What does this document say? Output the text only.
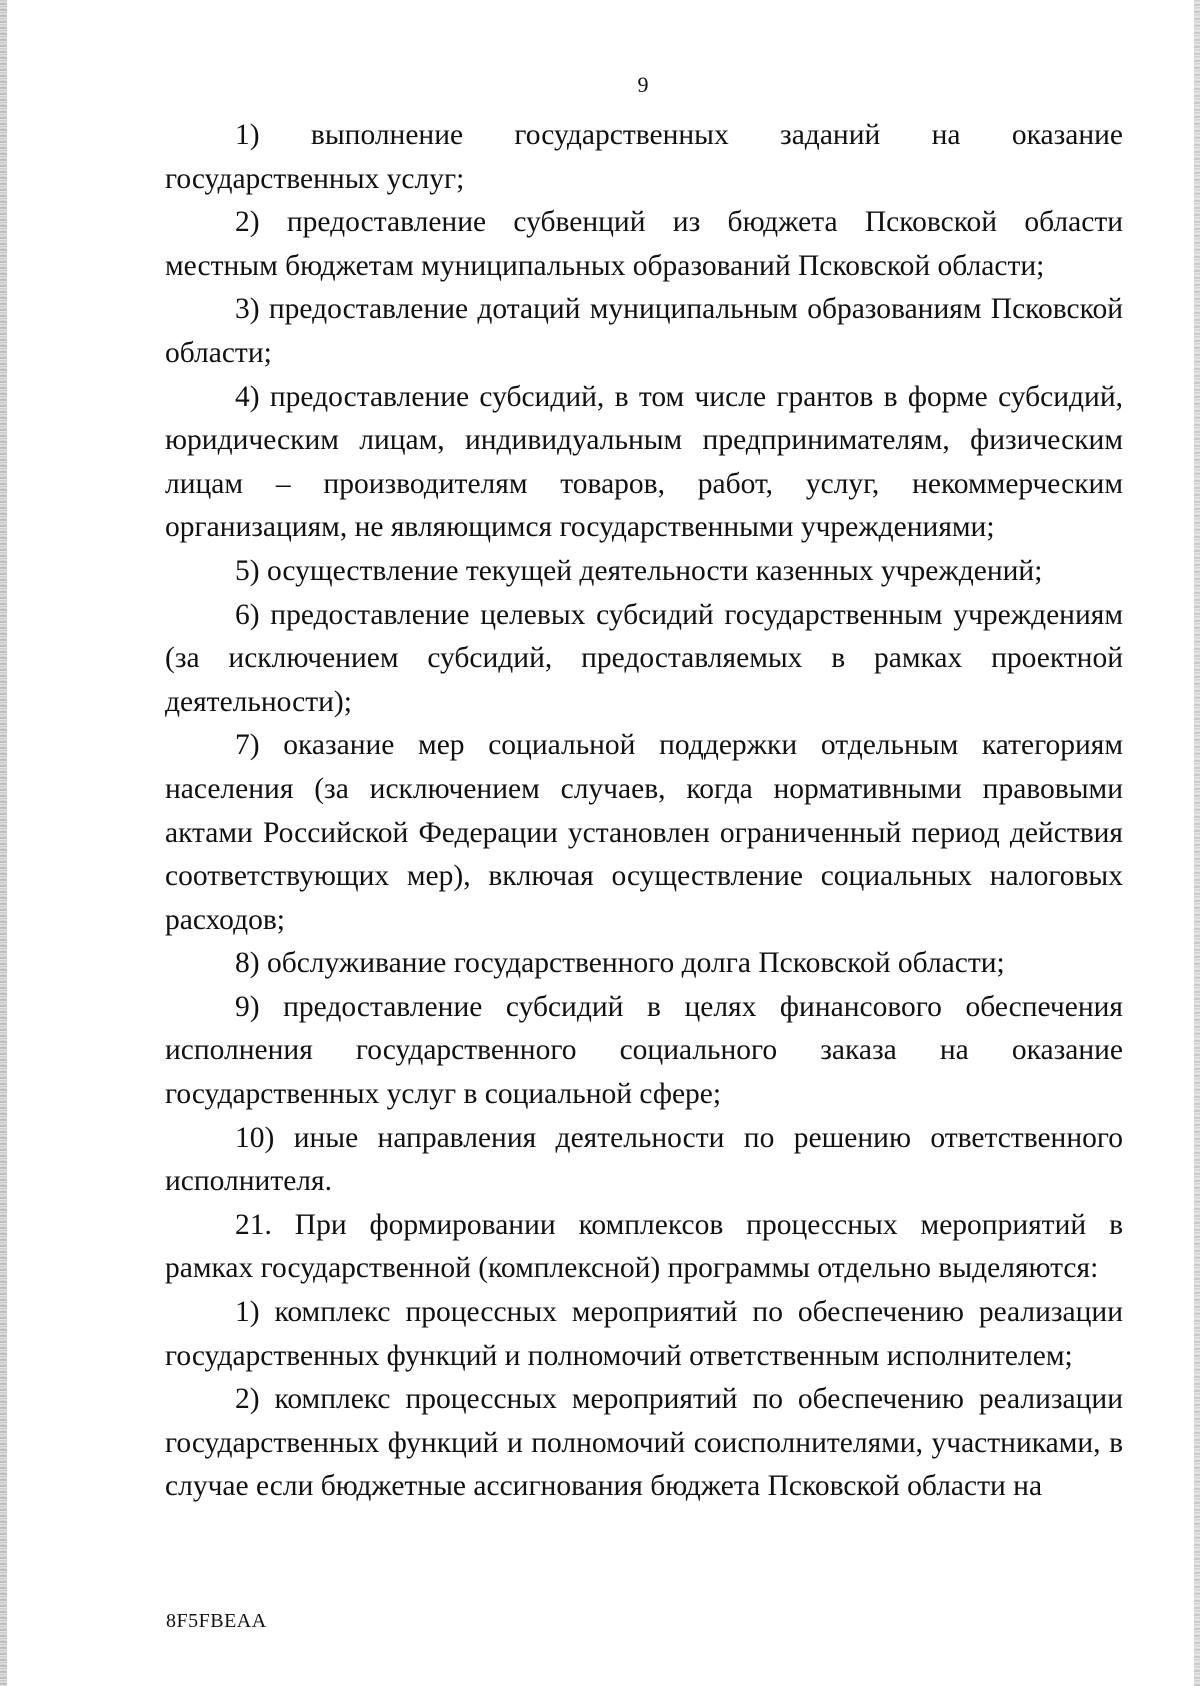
9

1) выполнение государственных заданий на оказание государственных услуг;

2) предоставление субвенций из бюджета Псковской области местным бюджетам муниципальных образований Псковской области;

3) предоставление дотаций муниципальным образованиям Псковской области;

4) предоставление субсидий, в том числе грантов в форме субсидий, юридическим лицам, индивидуальным предпринимателям, физическим лицам – производителям товаров, работ, услуг, некоммерческим организациям, не являющимся государственными учреждениями;

5) осуществление текущей деятельности казенных учреждений;

6) предоставление целевых субсидий государственным учреждениям (за исключением субсидий, предоставляемых в рамках проектной деятельности);

7) оказание мер социальной поддержки отдельным категориям населения (за исключением случаев, когда нормативными правовыми актами Российской Федерации установлен ограниченный период действия соответствующих мер), включая осуществление социальных налоговых расходов;

8) обслуживание государственного долга Псковской области;

9) предоставление субсидий в целях финансового обеспечения исполнения государственного социального заказа на оказание государственных услуг в социальной сфере;

10) иные направления деятельности по решению ответственного исполнителя.

21. При формировании комплексов процессных мероприятий в рамках государственной (комплексной) программы отдельно выделяются:

1) комплекс процессных мероприятий по обеспечению реализации государственных функций и полномочий ответственным исполнителем;

2) комплекс процессных мероприятий по обеспечению реализации государственных функций и полномочий соисполнителями, участниками, в случае если бюджетные ассигнования бюджета Псковской области на

8F5FBEAA
